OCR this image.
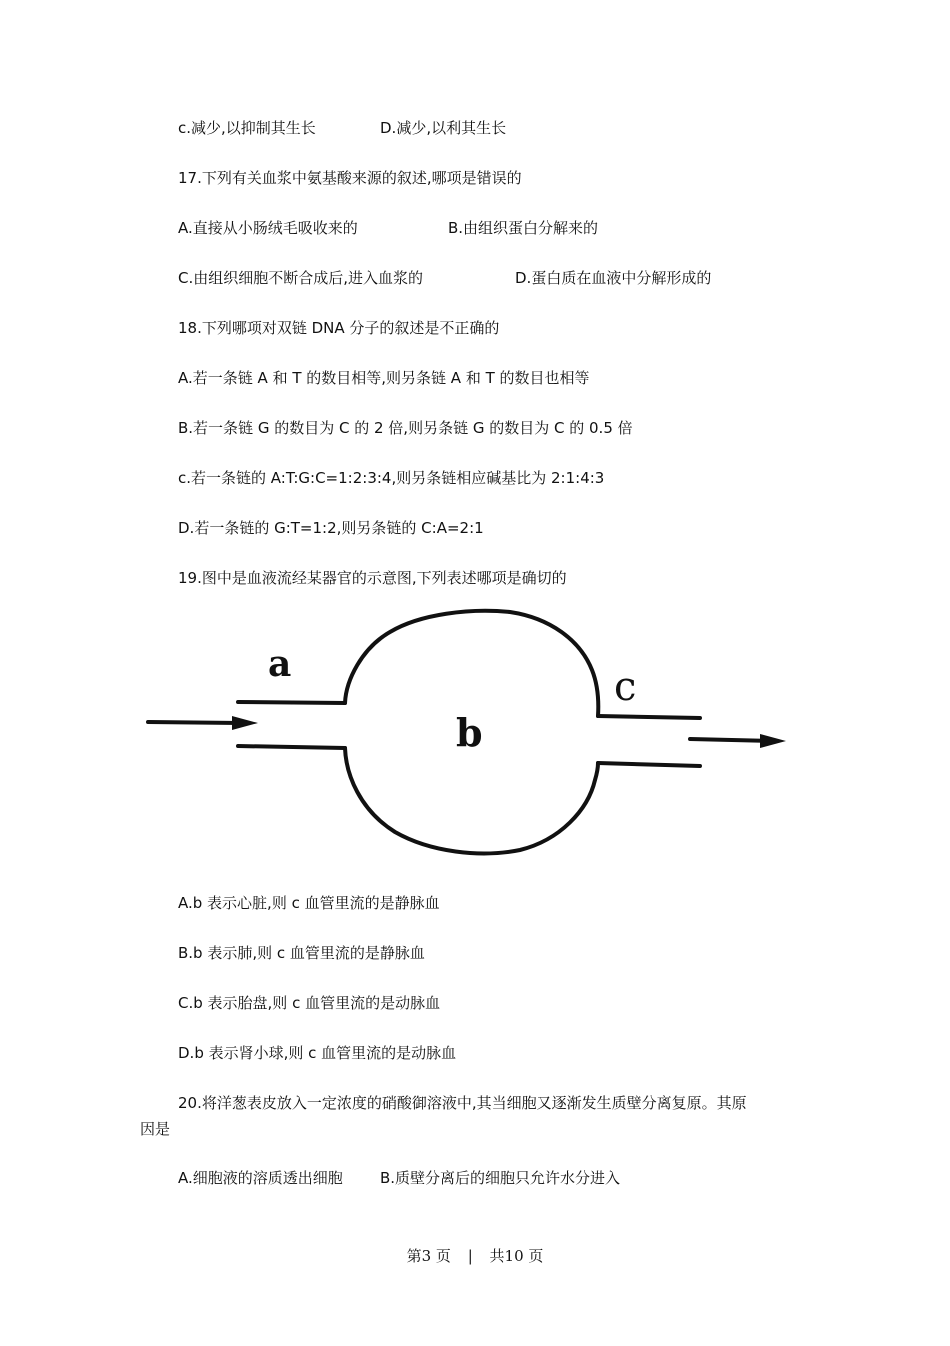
c.减少,以抑制其生长	D.减少,以利其生长
17.下列有关血浆中氨基酸来源的叙述,哪项是错误的
A.直接从小肠绒毛吸收来的	B.由组织蛋白分解来的
C.由组织细胞不断合成后,进入血浆的	D.蛋白质在血液中分解形成的
18.下列哪项对双链 DNA 分子的叙述是不正确的
A.若一条链 A 和 T 的数目相等,则另条链 A 和 T 的数目也相等
B.若一条链 G 的数目为 C 的 2 倍,则另条链 G 的数目为 C 的 0.5 倍
c.若一条链的 A:T:G:C=1:2:3:4,则另条链相应碱基比为 2:1:4:3
D.若一条链的 G:T=1:2,则另条链的 C:A=2:1
19.图中是血液流经某器官的示意图,下列表述哪项是确切的
a
b
c
A.b 表示心脏,则 c 血管里流的是静脉血
B.b 表示肺,则 c 血管里流的是静脉血
C.b 表示胎盘,则 c 血管里流的是动脉血
D.b 表示肾小球,则 c 血管里流的是动脉血
20.将洋葱表皮放入一定浓度的硝酸御溶液中,其当细胞又逐渐发生质壁分离复原。其原
因是
A.细胞液的溶质透出细胞 B.质壁分离后的细胞只允许水分进入
第3 页 | 共10 页
